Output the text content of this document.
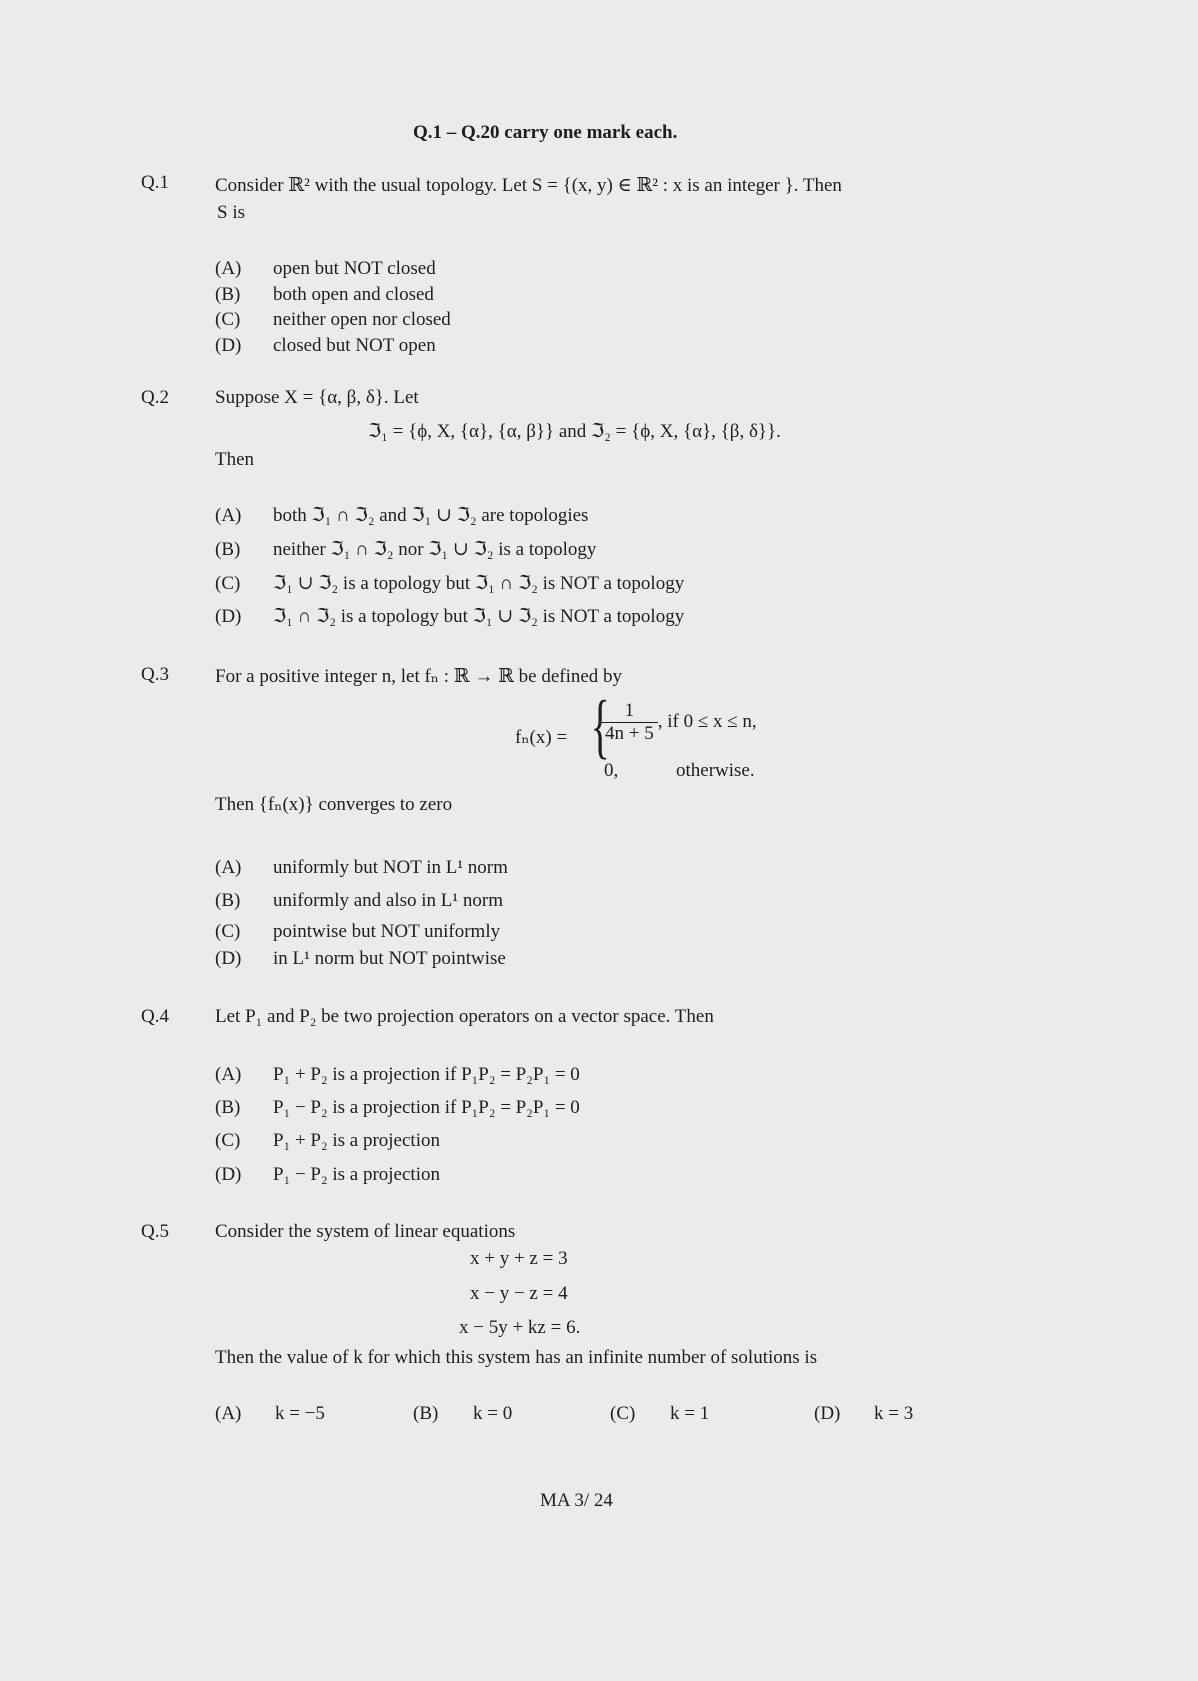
Q.1 – Q.20 carry one mark each.
Q.1 Consider ℝ² with the usual topology. Let S = {(x, y) ∈ ℝ² : x is an integer }. Then
S is
(A) open but NOT closed
(B) both open and closed
(C) neither open nor closed
(D) closed but NOT open
Q.2 Suppose X = {α, β, δ}. Let
ℑ₁ = {ϕ, X, {α}, {α, β}} and ℑ₂ = {ϕ, X, {α}, {β, δ}}.
Then
(A) both ℑ₁ ∩ ℑ₂ and ℑ₁ ∪ ℑ₂ are topologies
(B) neither ℑ₁ ∩ ℑ₂ nor ℑ₁ ∪ ℑ₂ is a topology
(C) ℑ₁ ∪ ℑ₂ is a topology but ℑ₁ ∩ ℑ₂ is NOT a topology
(D) ℑ₁ ∩ ℑ₂ is a topology but ℑ₁ ∪ ℑ₂ is NOT a topology
Q.3 For a positive integer n, let fₙ : ℝ → ℝ be defined by
fₙ(x) = {
$\frac{1}{4n + 5}$ , if 0 ≤ x ≤ n,
0,	otherwise.
Then {fₙ(x)} converges to zero
(A) uniformly but NOT in L¹ norm
(B) uniformly and also in L¹ norm
(C) pointwise but NOT uniformly
(D) in L¹ norm but NOT pointwise
Q.4 Let P₁ and P₂ be two projection operators on a vector space. Then
(A) P₁ + P₂ is a projection if P₁P₂ = P₂P₁ = 0
(B) P₁ − P₂ is a projection if P₁P₂ = P₂P₁ = 0
(C) P₁ + P₂ is a projection
(D) P₁ − P₂ is a projection
Q.5 Consider the system of linear equations
x + y + z = 3
x − y − z = 4
x − 5y + kz = 6.
Then the value of k for which this system has an infinite number of solutions is
(A) k = −5	(B) k = 0	(C) k = 1	(D) k = 3
MA 3/ 24
